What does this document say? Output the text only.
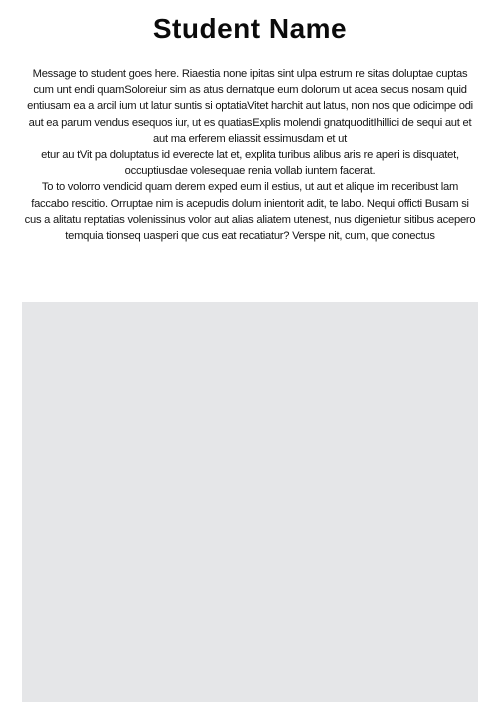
Student Name

Message to student goes here. Riaestia none ipitas sint ulpa estrum re sitas doluptae cuptas cum unt endi quamSoloreiur sim as atus dernatque eum dolorum ut acea secus nosam quid entiusam ea a arcil ium ut latur suntis si optatiaVitet harchit aut latus, non nos que odicimpe odi aut ea parum vendus esequos iur, ut es quatiasExplis molendi gnatquoditIhillici de sequi aut et aut ma erferem eliassit essimusdam et ut

etur au tVit pa doluptatus id everecte lat et, explita turibus alibus aris re aperi is disquatet, occuptiusdae volesequae renia vollab iuntem facerat.

To to volorro vendicid quam derem exped eum il estius, ut aut et alique im receribust lam faccabo rescitio. Orruptae nim is acepudis dolum inientorit adit, te labo. Nequi officti Busam si cus a alitatu reptatias volenissinus volor aut alias aliatem utenest, nus digenietur sitibus acepero temquia tionseq uasperi que cus eat recatiatur? Verspe nit, cum, que conectus
